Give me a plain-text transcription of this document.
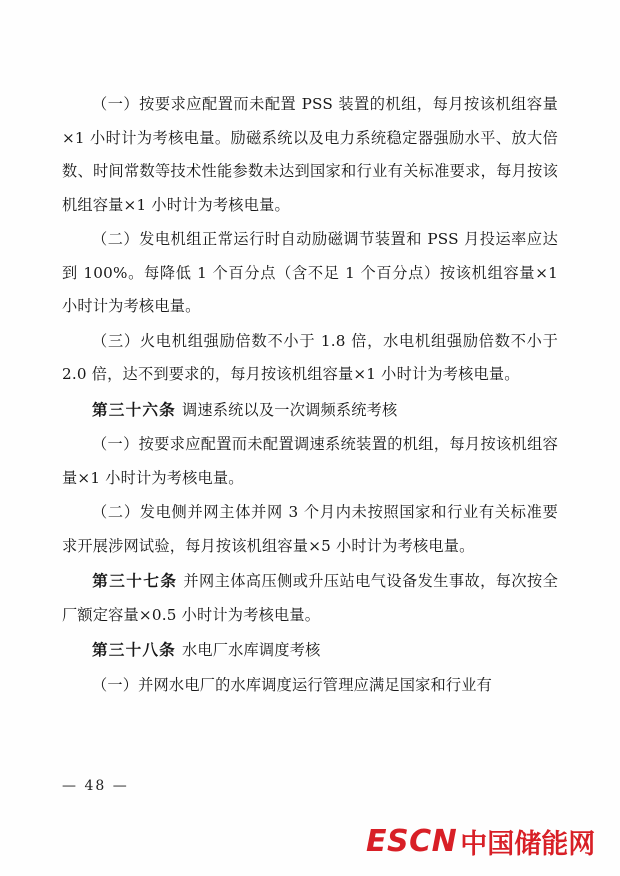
（一）按要求应配置而未配置 PSS 装置的机组，每月按该机组容量×1 小时计为考核电量。励磁系统以及电力系统稳定器强励水平、放大倍数、时间常数等技术性能参数未达到国家和行业有关标准要求，每月按该机组容量×1 小时计为考核电量。

（二）发电机组正常运行时自动励磁调节装置和 PSS 月投运率应达到 100%。每降低 1 个百分点（含不足 1 个百分点）按该机组容量×1 小时计为考核电量。

（三）火电机组强励倍数不小于 1.8 倍，水电机组强励倍数不小于 2.0 倍，达不到要求的，每月按该机组容量×1 小时计为考核电量。

第三十六条 调速系统以及一次调频系统考核

（一）按要求应配置而未配置调速系统装置的机组，每月按该机组容量×1 小时计为考核电量。

（二）发电侧并网主体并网 3 个月内未按照国家和行业有关标准要求开展涉网试验，每月按该机组容量×5 小时计为考核电量。

第三十七条 并网主体高压侧或升压站电气设备发生事故，每次按全厂额定容量×0.5 小时计为考核电量。

第三十八条 水电厂水库调度考核

（一）并网水电厂的水库调度运行管理应满足国家和行业有

— 48 —
ESCN 中国储能网
